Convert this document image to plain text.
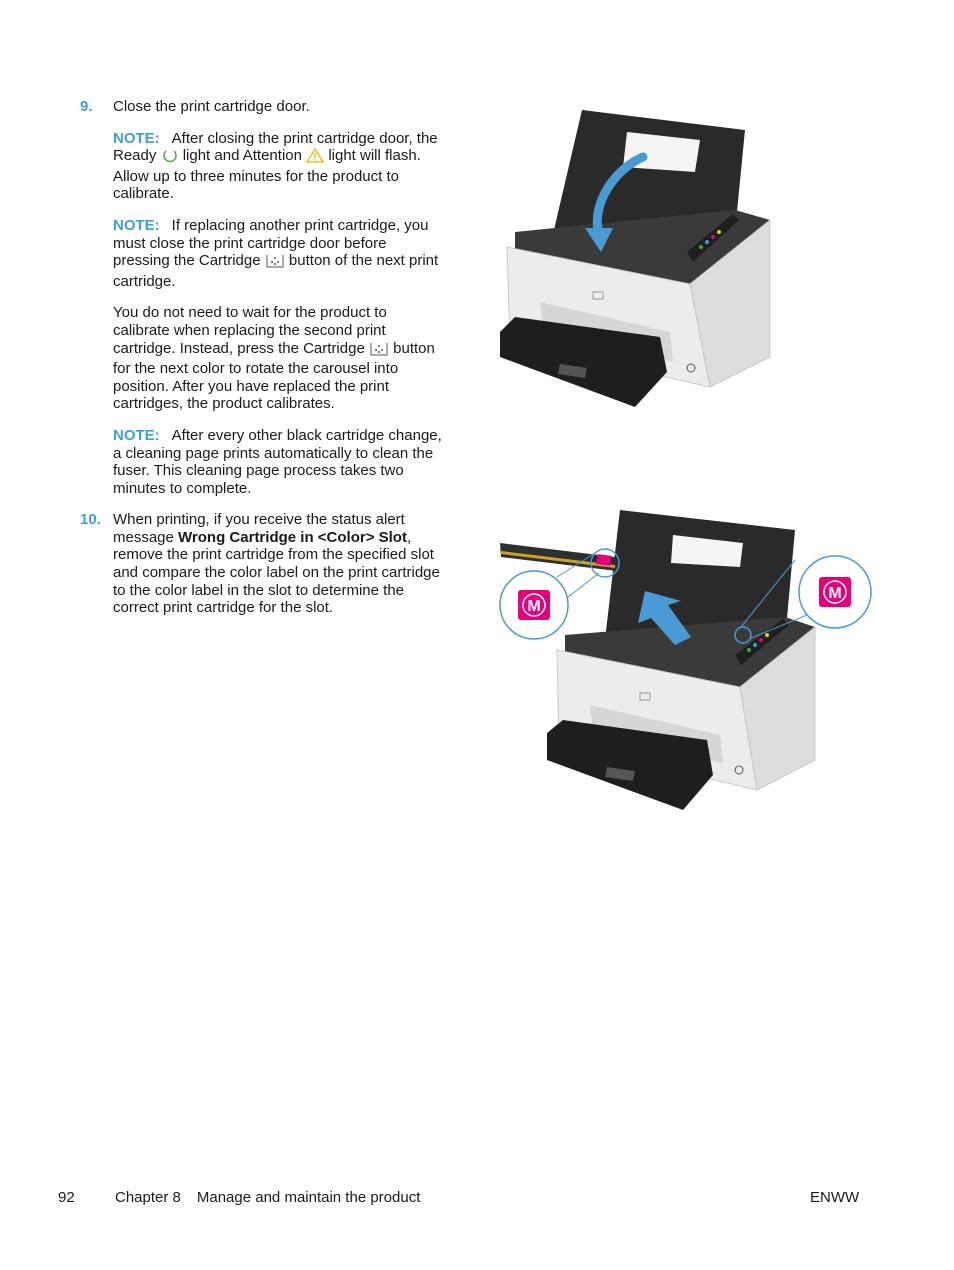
9. Close the print cartridge door.

NOTE: After closing the print cartridge door, the Ready light and Attention light will flash. Allow up to three minutes for the product to calibrate.

NOTE: If replacing another print cartridge, you must close the print cartridge door before pressing the Cartridge button of the next print cartridge.

You do not need to wait for the product to calibrate when replacing the second print cartridge. Instead, press the Cartridge button for the next color to rotate the carousel into position. After you have replaced the print cartridges, the product calibrates.

NOTE: After every other black cartridge change, a cleaning page prints automatically to clean the fuser. This cleaning page process takes two minutes to complete.

10. When printing, if you receive the status alert message Wrong Cartridge in <Color> Slot, remove the print cartridge from the specified slot and compare the color label on the print cartridge to the color label in the slot to determine the correct print cartridge for the slot.	M
M
92	Chapter 8 Manage and maintain the product	ENWW
